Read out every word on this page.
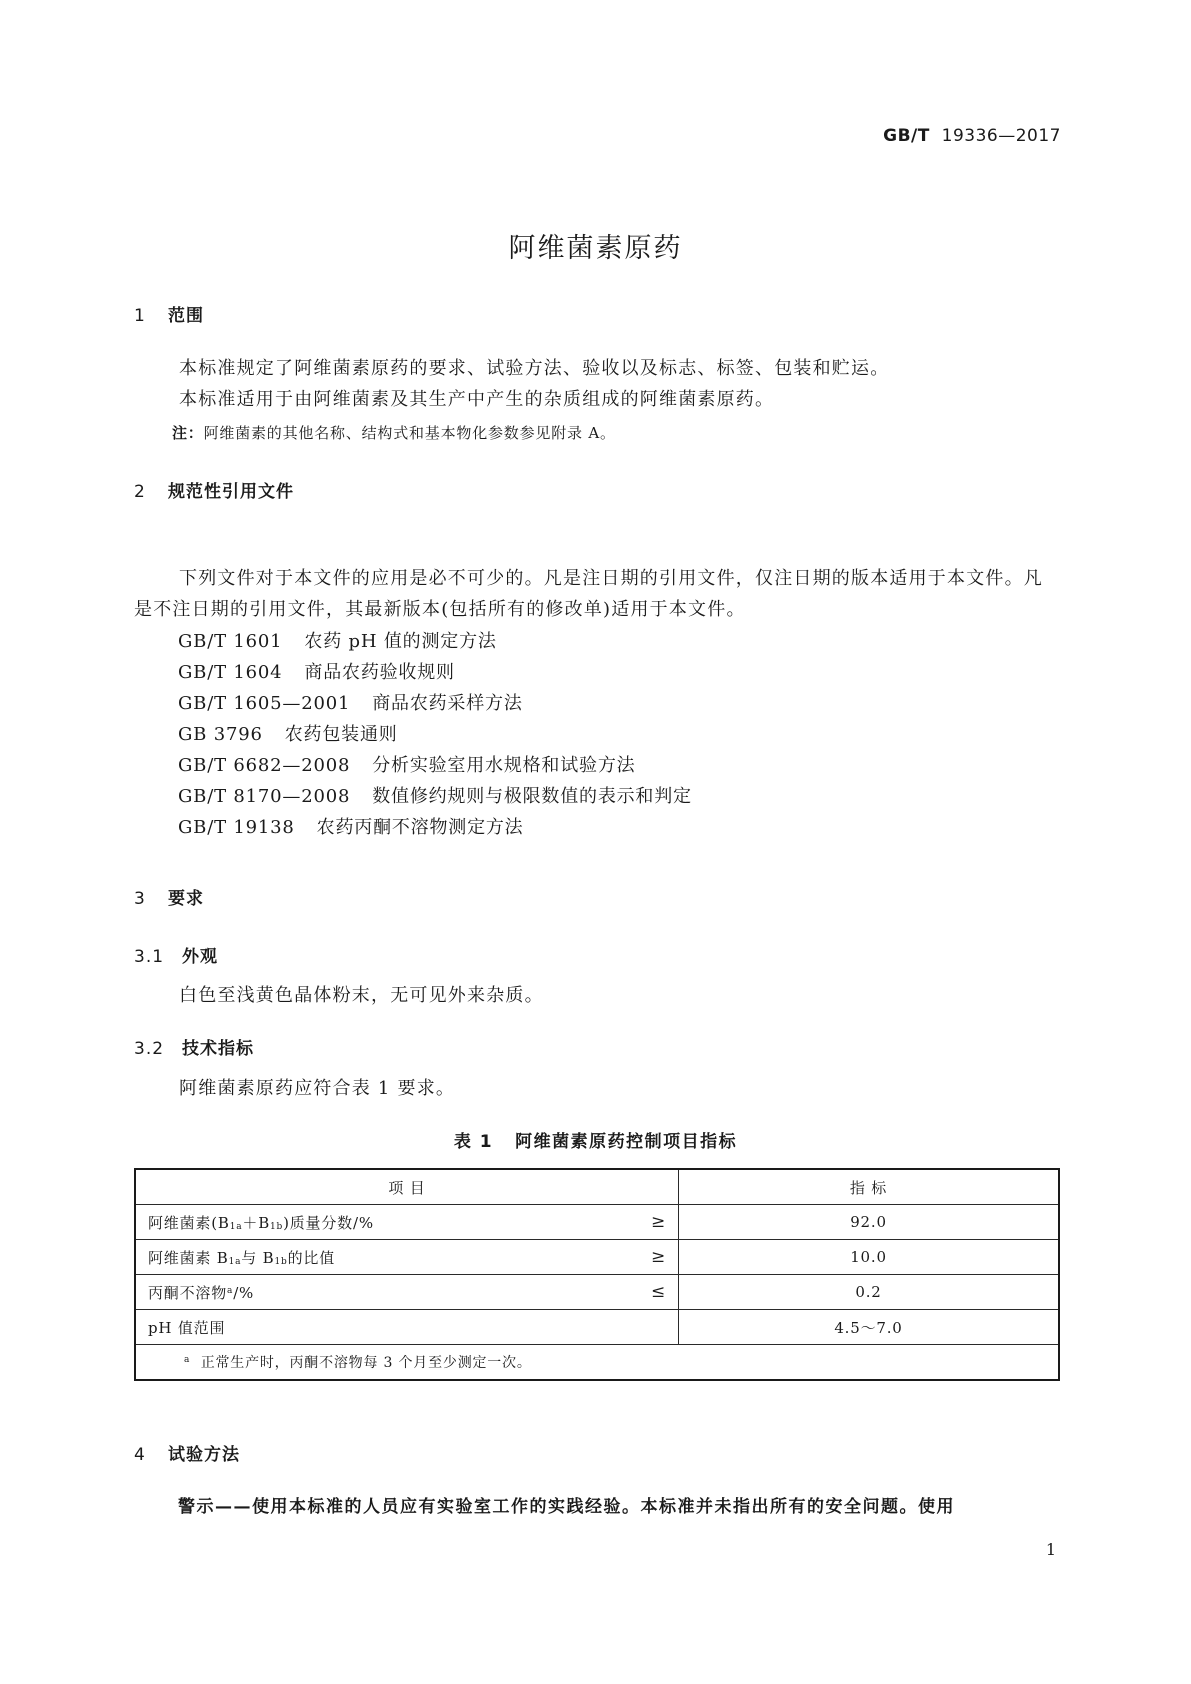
GB/T 19336—2017
阿维菌素原药
1 范围
本标准规定了阿维菌素原药的要求、试验方法、验收以及标志、标签、包装和贮运。
本标准适用于由阿维菌素及其生产中产生的杂质组成的阿维菌素原药。
注：阿维菌素的其他名称、结构式和基本物化参数参见附录 A。
2 规范性引用文件
下列文件对于本文件的应用是必不可少的。凡是注日期的引用文件，仅注日期的版本适用于本文件。凡是不注日期的引用文件，其最新版本(包括所有的修改单)适用于本文件。
GB/T 1601 农药 pH 值的测定方法
GB/T 1604 商品农药验收规则
GB/T 1605—2001 商品农药采样方法
GB 3796 农药包装通则
GB/T 6682—2008 分析实验室用水规格和试验方法
GB/T 8170—2008 数值修约规则与极限数值的表示和判定
GB/T 19138 农药丙酮不溶物测定方法
3 要求
3.1 外观
白色至浅黄色晶体粉末，无可见外来杂质。
3.2 技术指标
阿维菌素原药应符合表 1 要求。
表 1 阿维菌素原药控制项目指标
项 目	指 标
阿维菌素(B1a＋B1b)质量分数/% ≥	92.0
阿维菌素 B1a与 B1b的比值 ≥	10.0
丙酮不溶物$^a$/% ≤	0.2
pH 值范围	4.5～7.0
$^a$ 正常生产时，丙酮不溶物每 3 个月至少测定一次。	
4 试验方法
警示——使用本标准的人员应有实验室工作的实践经验。本标准并未指出所有的安全问题。使用
1
